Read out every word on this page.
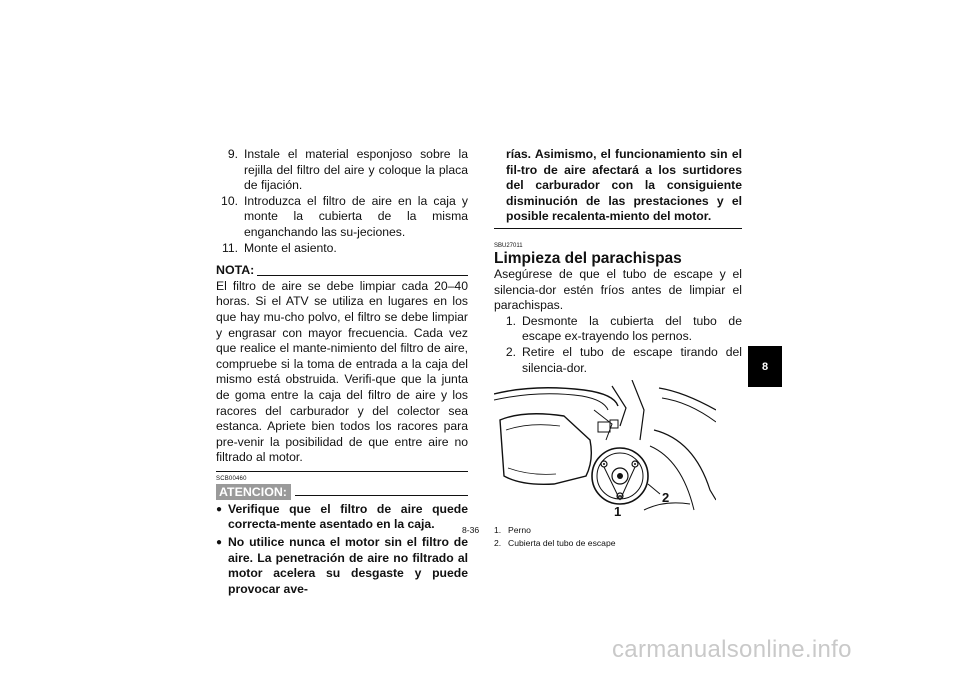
9. Instale el material esponjoso sobre la rejilla del filtro del aire y coloque la placa de fijación.
10. Introduzca el filtro de aire en la caja y monte la cubierta de la misma enganchando las su-jeciones.
11. Monte el asiento.
NOTA:
El filtro de aire se debe limpiar cada 20–40 horas. Si el ATV se utiliza en lugares en los que hay mu-cho polvo, el filtro se debe limpiar y engrasar con mayor frecuencia. Cada vez que realice el mante-nimiento del filtro de aire, compruebe si la toma de entrada a la caja del mismo está obstruida. Verifi-que que la junta de goma entre la caja del filtro de aire y los racores del carburador y del colector sea estanca. Apriete bien todos los racores para pre-venir la posibilidad de que entre aire no filtrado al motor.
SCB00460
ATENCION:
● Verifique que el filtro de aire quede correcta-mente asentado en la caja.
● No utilice nunca el motor sin el filtro de aire. La penetración de aire no filtrado al motor acelera su desgaste y puede provocar ave-
rías. Asimismo, el funcionamiento sin el fil-tro de aire afectará a los surtidores del carburador con la consiguiente disminución de las prestaciones y el posible recalenta-miento del motor.
SBU27011
Limpieza del parachispas
Asegúrese de que el tubo de escape y el silencia-dor estén fríos antes de limpiar el parachispas.
1. Desmonte la cubierta del tubo de escape ex-trayendo los pernos.
2. Retire el tubo de escape tirando del silencia-dor.
1
2
1. Perno
2. Cubierta del tubo de escape
8-36
8
carmanualsonline.info
